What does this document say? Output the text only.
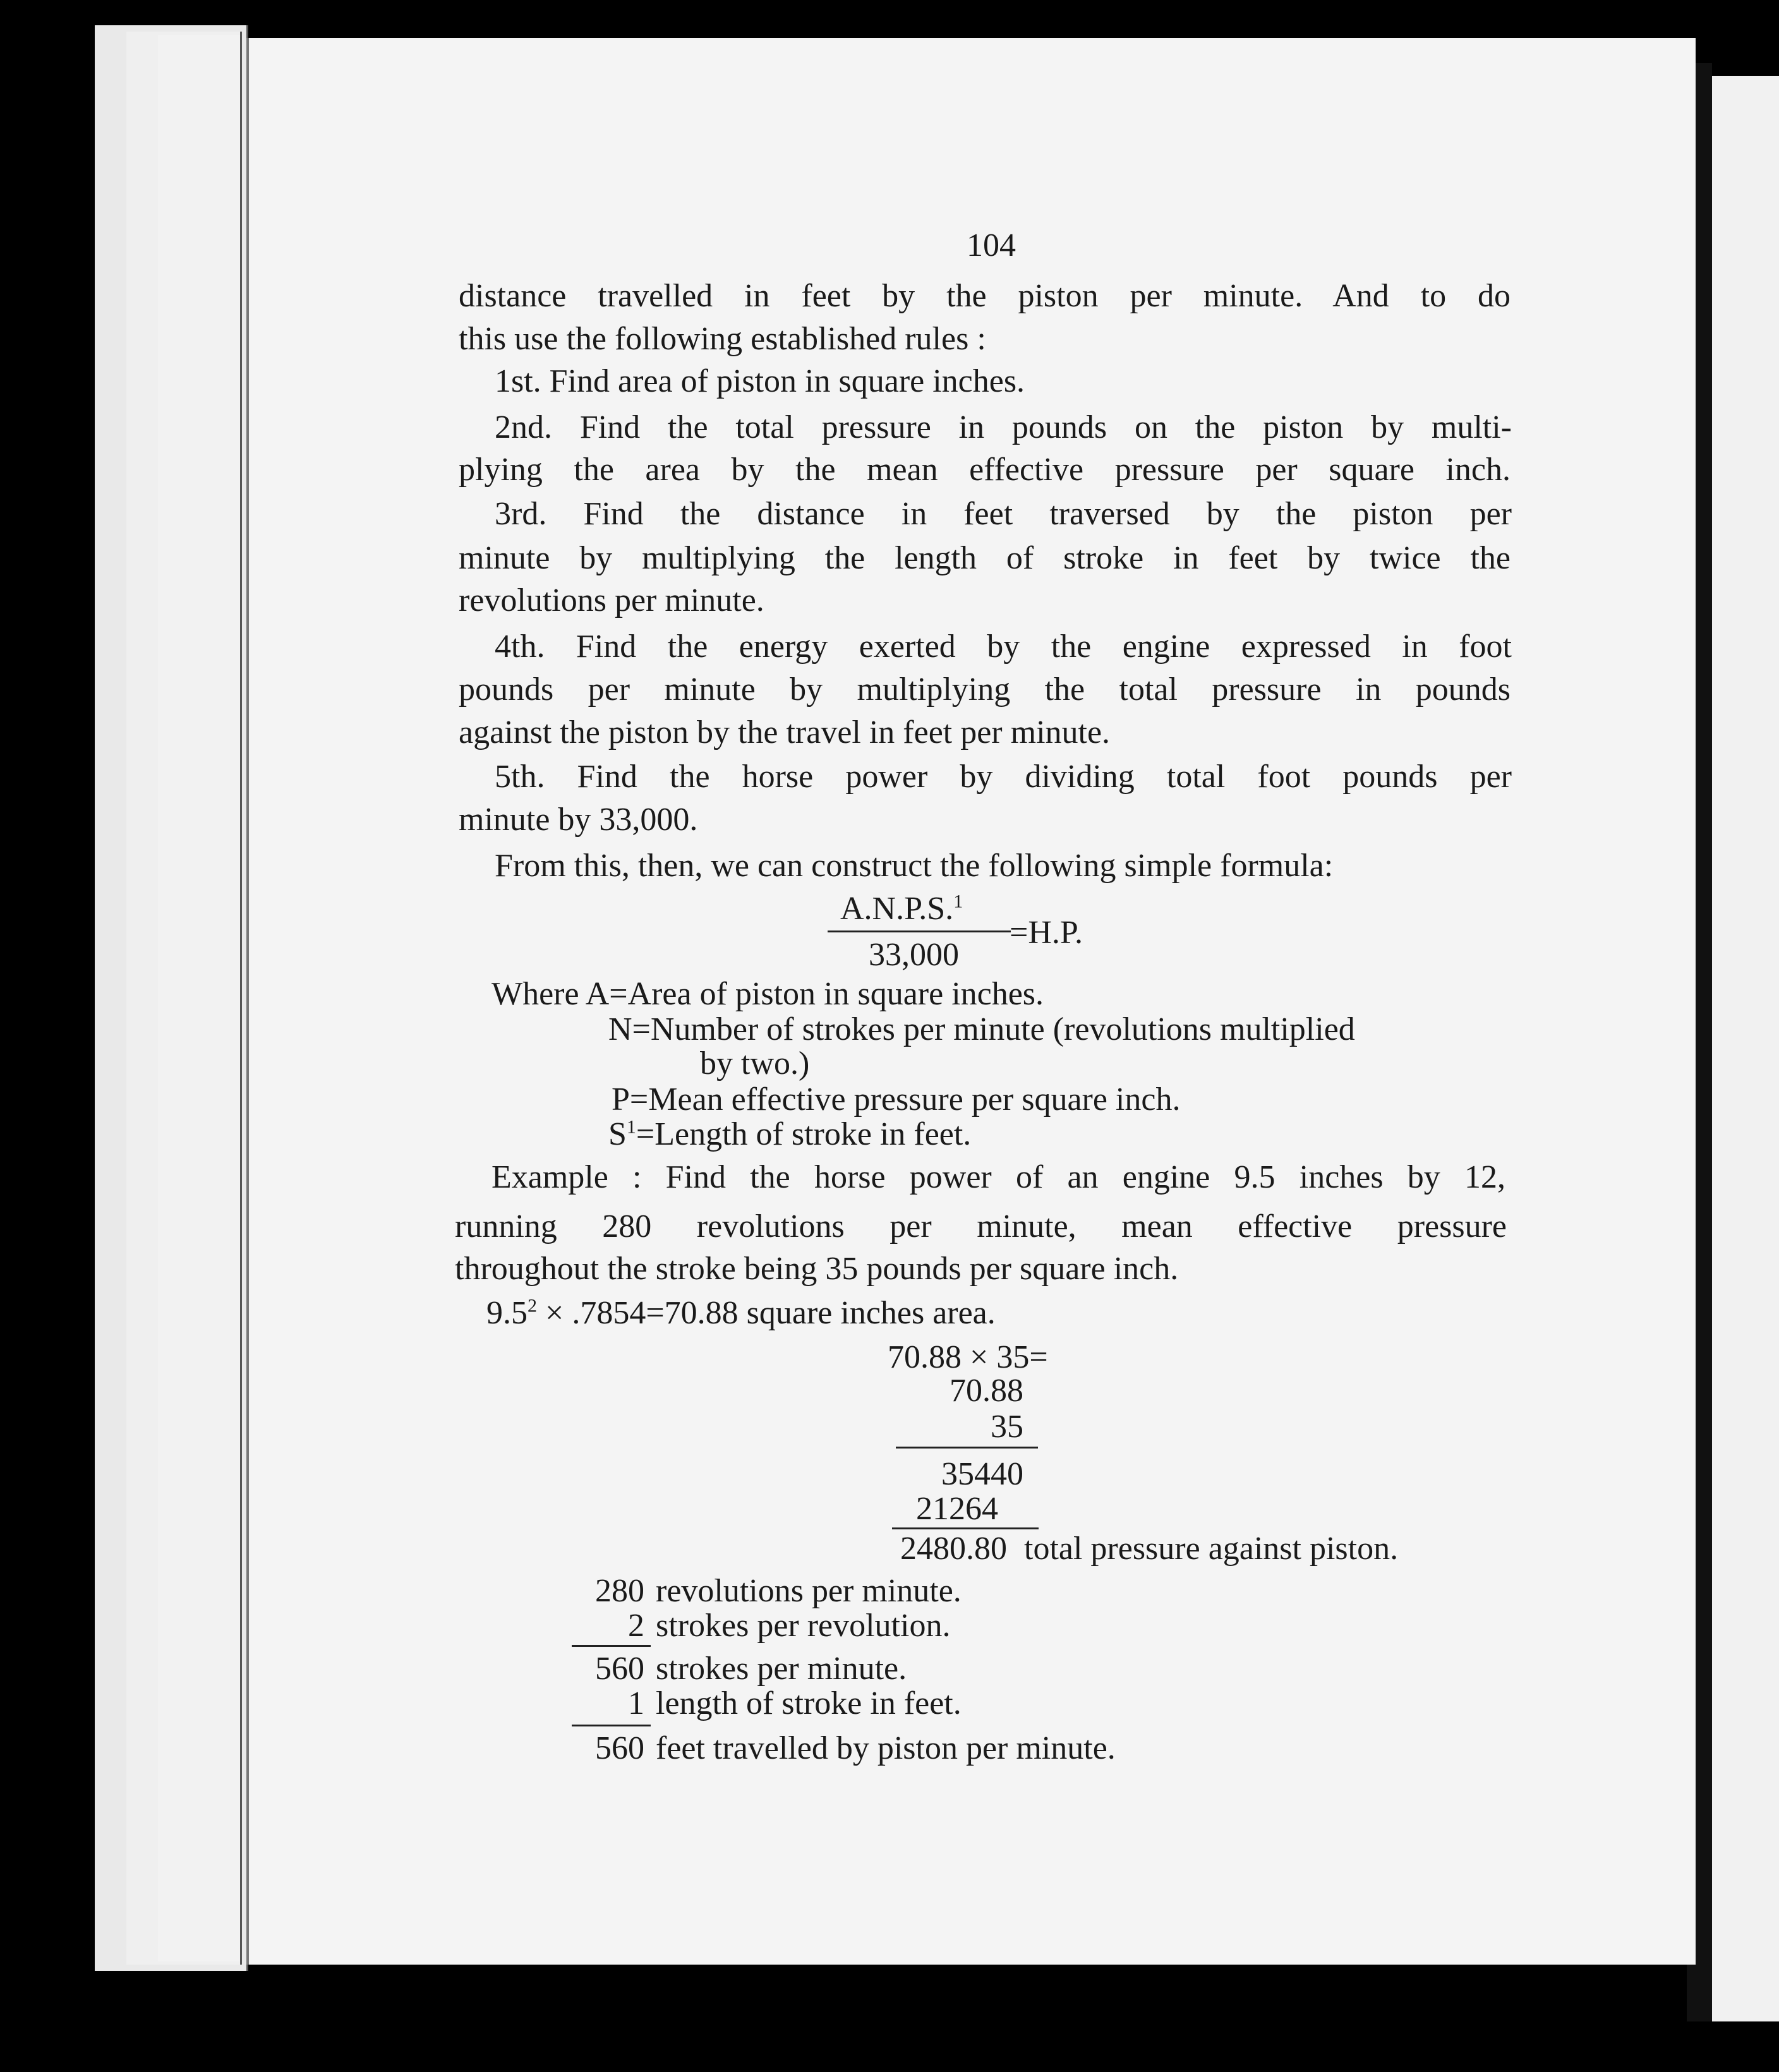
104
distance travelled in feet by the piston per minute. And to do
this use the following established rules :
1st. Find area of piston in square inches.
2nd. Find the total pressure in pounds on the piston by multi-
plying the area by the mean effective pressure per square inch.
3rd. Find the distance in feet traversed by the piston per
minute by multiplying the length of stroke in feet by twice the
revolutions per minute.
4th. Find the energy exerted by the engine expressed in foot
pounds per minute by multiplying the total pressure in pounds
against the piston by the travel in feet per minute.
5th. Find the horse power by dividing total foot pounds per
minute by 33,000.
From this, then, we can construct the following simple formula:
A.N.P.S.$^1$
33,000
=H.P.
Where A=Area of piston in square inches.
N=Number of strokes per minute (revolutions multiplied
by two.)
P=Mean effective pressure per square inch.
$S^1=Length$ of stroke in feet.
Example : Find the horse power of an engine 9.5 inches by 12,
running 280 revolutions per minute, mean effective pressure
throughout the stroke being 35 pounds per square inch.
$9.5^2 \times .7854=70.88$ square inches area.
70.88 × 35=
70.88
35
35440
21264
2480.80 total pressure against piston.
280 revolutions per minute.
2 strokes per revolution.
560 strokes per minute.
1 length of stroke in feet.
560 feet travelled by piston per minute.
